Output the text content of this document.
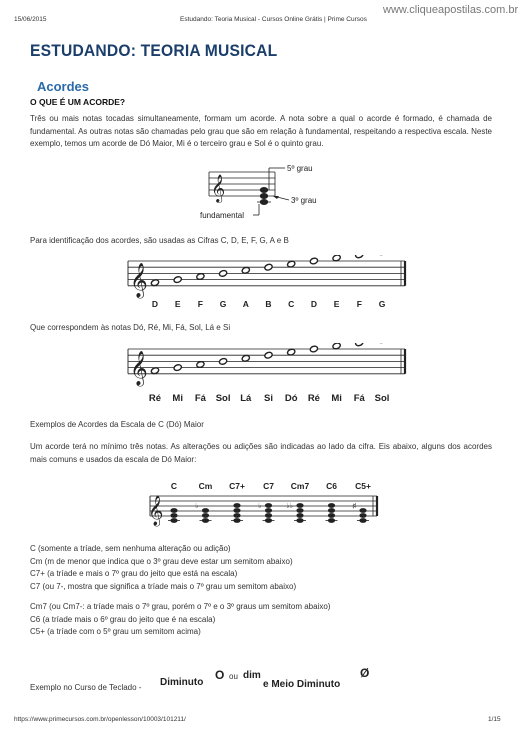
15/06/2015	Estudando: Teoria Musical - Cursos Online Grátis | Prime Cursos
www.cliqueapostilas.com.br
ESTUDANDO: TEORIA MUSICAL
Acordes
O QUE É UM ACORDE?
Três ou mais notas tocadas simultaneamente, formam um acorde. A nota sobre a qual o acorde é formado, é chamada de fundamental. As outras notas são chamadas pelo grau que são em relação à fundamental, respeitando a respectiva escala. Neste exemplo, temos um acorde de Dó Maior, Mi é o terceiro grau e Sol é o quinto grau.
𝄞
5º grau
3º grau
fundamental
Para identificação dos acordes, são usadas as Cifras C, D, E, F, G, A e B
𝄞
D E F G A B C D E F G
Que correspondem às notas Dó, Ré, Mi, Fá, Sol, Lá e Si
𝄞
Ré Mi Fá Sol Lá Si Dó Ré Mi Fá Sol
Exemplos de Acordes da Escala de C (Dó) Maior
Um acorde terá no mínimo três notas. As alterações ou adições são indicadas ao lado da cifra. Eis abaixo, alguns dos acordes mais comuns e usados da escala de Dó Maior:
𝄞
C	Cm
♭
C7+ C7
♭
Cm7
♭♭
C6 C5+
♯
C (somente a tríade, sem nenhuma alteração ou adição)
Cm (m de menor que indica que o 3º grau deve estar um semitom abaixo)
C7+ (a tríade e mais o 7º grau do jeito que está na escala)
C7 (ou 7-, mostra que significa a tríade mais o 7º grau um semitom abaixo)
Cm7 (ou Cm7-: a tríade mais o 7º grau, porém o 7º e o 3º graus um semitom abaixo)
C6 (a tríade mais o 6º grau do jeito que é na escala)
C5+ (a tríade com o 5º grau um semitom acima)
Exemplo no Curso de Teclado - Diminuto
O ou dim
e Meio Diminuto
Ø
https://www.primecursos.com.br/openlesson/10003/101211/	1/15
